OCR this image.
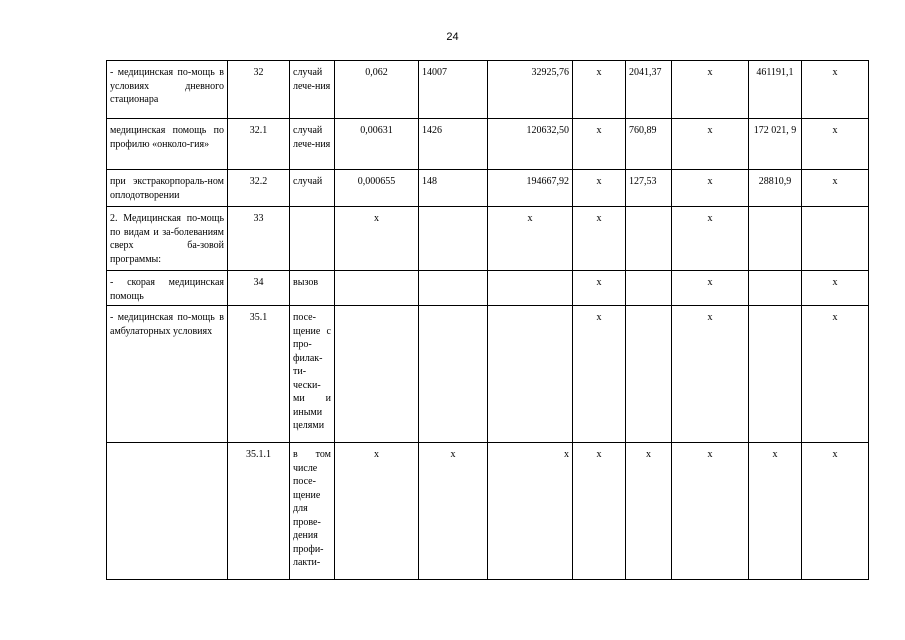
24
- медицинская по-мощь в условиях дневного стационара	32	случай лече-ния	0,062	14007	32925,76	х	2041,37	х	461191,1	х
медицинская помощь по профилю «онколо-гия»	32.1	случай лече-ния	0,00631	1426	120632,50	х	760,89	х	172 021, 9	х
при экстракорпораль-ном оплодотворении	32.2	случай	0,000655	148	194667,92	х	127,53	х	28810,9	х
2. Медицинская по-мощь по видам и за-болеваниям сверх ба-зовой программы:	33		х		х	х		х		
- скорая медицинская помощь	34	вызов				х		х		х
- медицинская по-мощь в амбулаторных условиях	35.1	посе-щение с про-филак-ти-чески-ми и иными целями				х		х		х
	35.1.1	в том числе посе-щение для прове-дения профи-лакти-	х	х	х	х	х	х	х	х
